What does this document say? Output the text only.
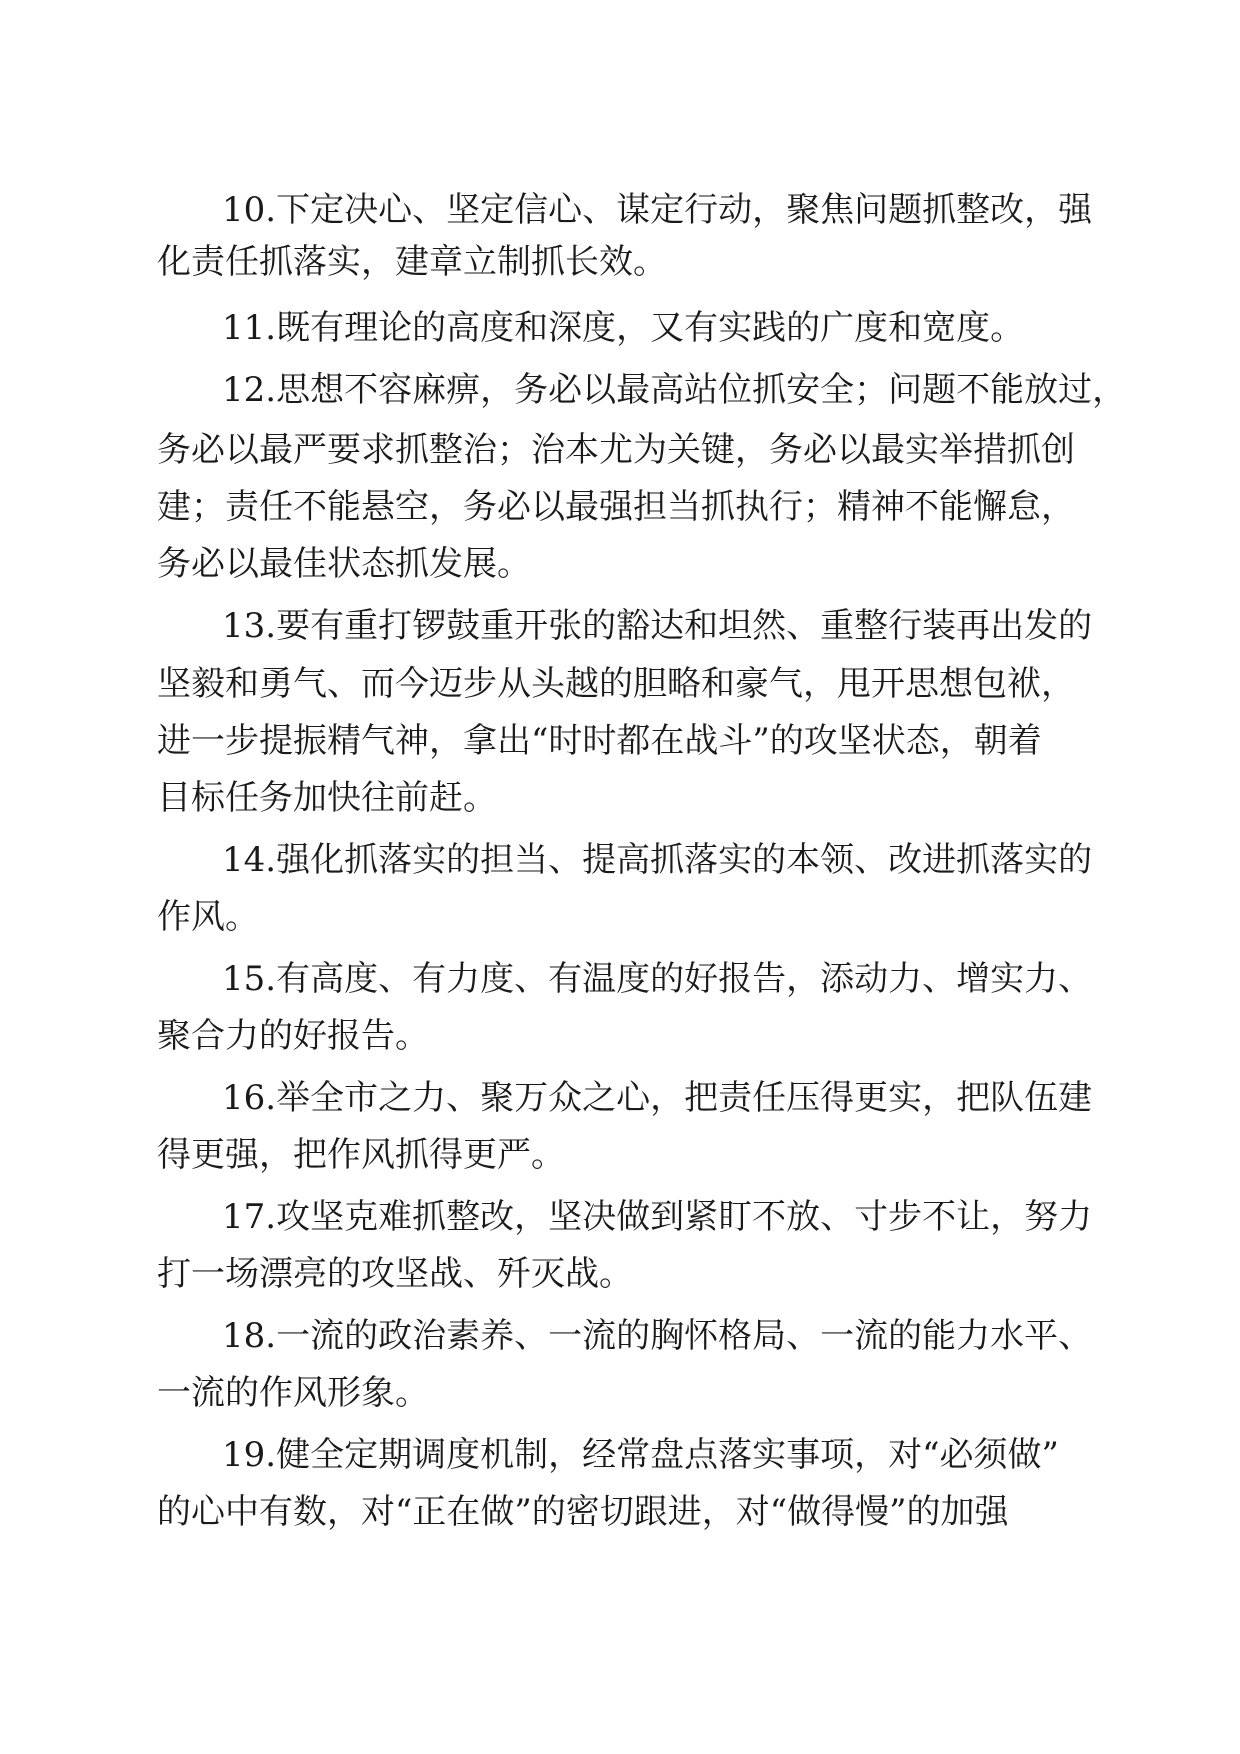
10.下定决心、坚定信心、谋定行动，聚焦问题抓整改，强
化责任抓落实，建章立制抓长效。
11.既有理论的高度和深度，又有实践的广度和宽度。
12.思想不容麻痹，务必以最高站位抓安全；问题不能放过，
务必以最严要求抓整治；治本尤为关键，务必以最实举措抓创
建；责任不能悬空，务必以最强担当抓执行；精神不能懈怠，
务必以最佳状态抓发展。
13.要有重打锣鼓重开张的豁达和坦然、重整行装再出发的
坚毅和勇气、而今迈步从头越的胆略和豪气，甩开思想包袱，
进一步提振精气神，拿出“时时都在战斗”的攻坚状态，朝着
目标任务加快往前赶。
14.强化抓落实的担当、提高抓落实的本领、改进抓落实的
作风。
15.有高度、有力度、有温度的好报告，添动力、增实力、
聚合力的好报告。
16.举全市之力、聚万众之心，把责任压得更实，把队伍建
得更强，把作风抓得更严。
17.攻坚克难抓整改，坚决做到紧盯不放、寸步不让，努力
打一场漂亮的攻坚战、歼灭战。
18.一流的政治素养、一流的胸怀格局、一流的能力水平、
一流的作风形象。
19.健全定期调度机制，经常盘点落实事项，对“必须做”
的心中有数，对“正在做”的密切跟进，对“做得慢”的加强
